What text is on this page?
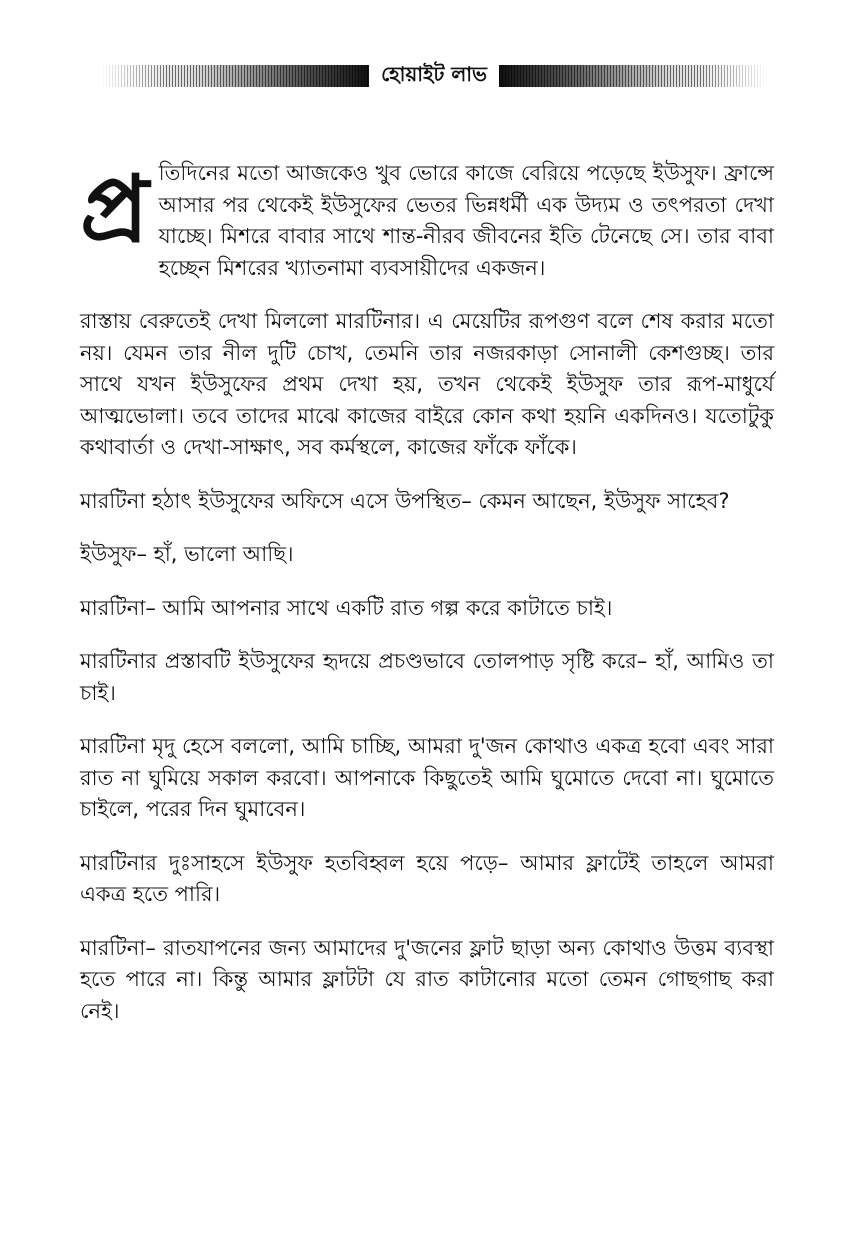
হোয়াইট লাভ

প্র তিদিনের মতো আজকেও খুব ভোরে কাজে বেরিয়ে পড়েছে ইউসুফ। ফ্রান্সে আসার পর থেকেই ইউসুফের ভেতর ভিন্নধর্মী এক উদ্যম ও তৎপরতা দেখা যাচ্ছে। মিশরে বাবার সাথে শান্ত-নীরব জীবনের ইতি টেনেছে সে। তার বাবা হচ্ছেন মিশরের খ্যাতনামা ব্যবসায়ীদের একজন।

রাস্তায় বেরুতেই দেখা মিললো মারটিনার। এ মেয়েটির রূপগুণ বলে শেষ করার মতো নয়। যেমন তার নীল দুটি চোখ, তেমনি তার নজরকাড়া সোনালী কেশগুচ্ছ। তার সাথে যখন ইউসুফের প্রথম দেখা হয়, তখন থেকেই ইউসুফ তার রূপ-মাধুর্যে আত্মভোলা। তবে তাদের মাঝে কাজের বাইরে কোন কথা হয়নি একদিনও। যতোটুকু কথাবার্তা ও দেখা-সাক্ষাৎ, সব কর্মস্থলে, কাজের ফাঁকে ফাঁকে।

মারটিনা হঠাৎ ইউসুফের অফিসে এসে উপস্থিত– কেমন আছেন, ইউসুফ সাহেব?

ইউসুফ– হাঁ, ভালো আছি।

মারটিনা– আমি আপনার সাথে একটি রাত গল্প করে কাটাতে চাই।

মারটিনার প্রস্তাবটি ইউসুফের হৃদয়ে প্রচণ্ডভাবে তোলপাড় সৃষ্টি করে– হাঁ, আমিও তা চাই।

মারটিনা মৃদু হেসে বললো, আমি চাচ্ছি, আমরা দু'জন কোথাও একত্র হবো এবং সারা রাত না ঘুমিয়ে সকাল করবো। আপনাকে কিছুতেই আমি ঘুমোতে দেবো না। ঘুমোতে চাইলে, পরের দিন ঘুমাবেন।

মারটিনার দুঃসাহসে ইউসুফ হতবিহ্বল হয়ে পড়ে– আমার ফ্লাটেই তাহলে আমরা একত্র হতে পারি।

মারটিনা– রাতযাপনের জন্য আমাদের দু'জনের ফ্লাট ছাড়া অন্য কোথাও উত্তম ব্যবস্থা হতে পারে না। কিন্তু আমার ফ্লাটটা যে রাত কাটানোর মতো তেমন গোছগাছ করা নেই।
